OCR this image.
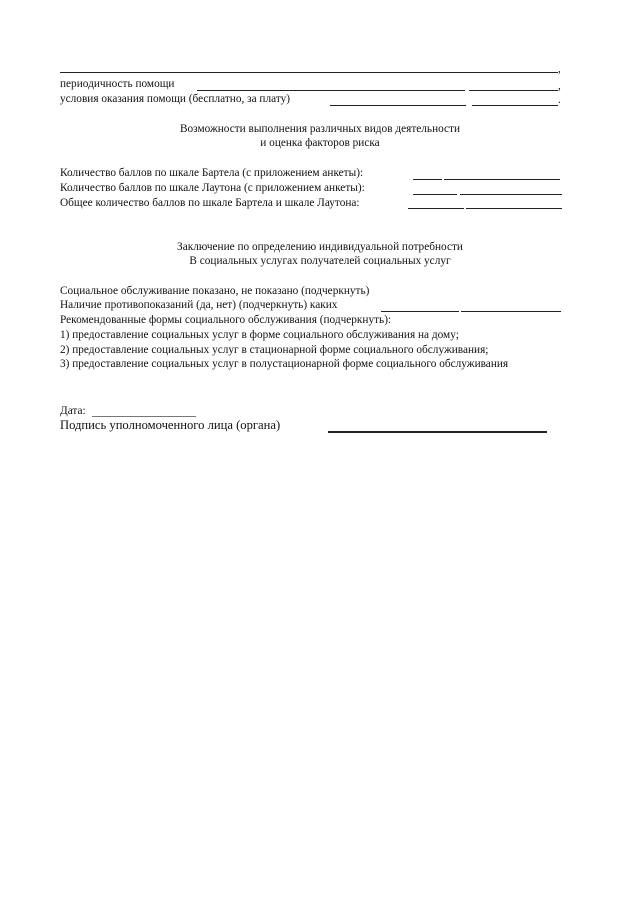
,
периодичность помощи	,
условия оказания помощи (бесплатно, за плату)	.
Возможности выполнения различных видов деятельности
и оценка факторов риска
Количество баллов по шкале Бартела (с приложением анкеты):
Количество баллов по шкале Лаутона (с приложением анкеты):
Общее количество баллов по шкале Бартела и шкале Лаутона:
Заключение по определению индивидуальной потребности
В социальных услугах получателей социальных услуг
Социальное обслуживание показано, не показано (подчеркнуть)
Наличие противопоказаний (да, нет) (подчеркнуть) каких
Рекомендованные формы социального обслуживания (подчеркнуть):
1) предоставление социальных услуг в форме социального обслуживания на дому;
2) предоставление социальных услуг в стационарной форме социального обслуживания;
3) предоставление социальных услуг в полустационарной форме социального обслуживания
Дата:
Подпись уполномоченного лица (органа)
